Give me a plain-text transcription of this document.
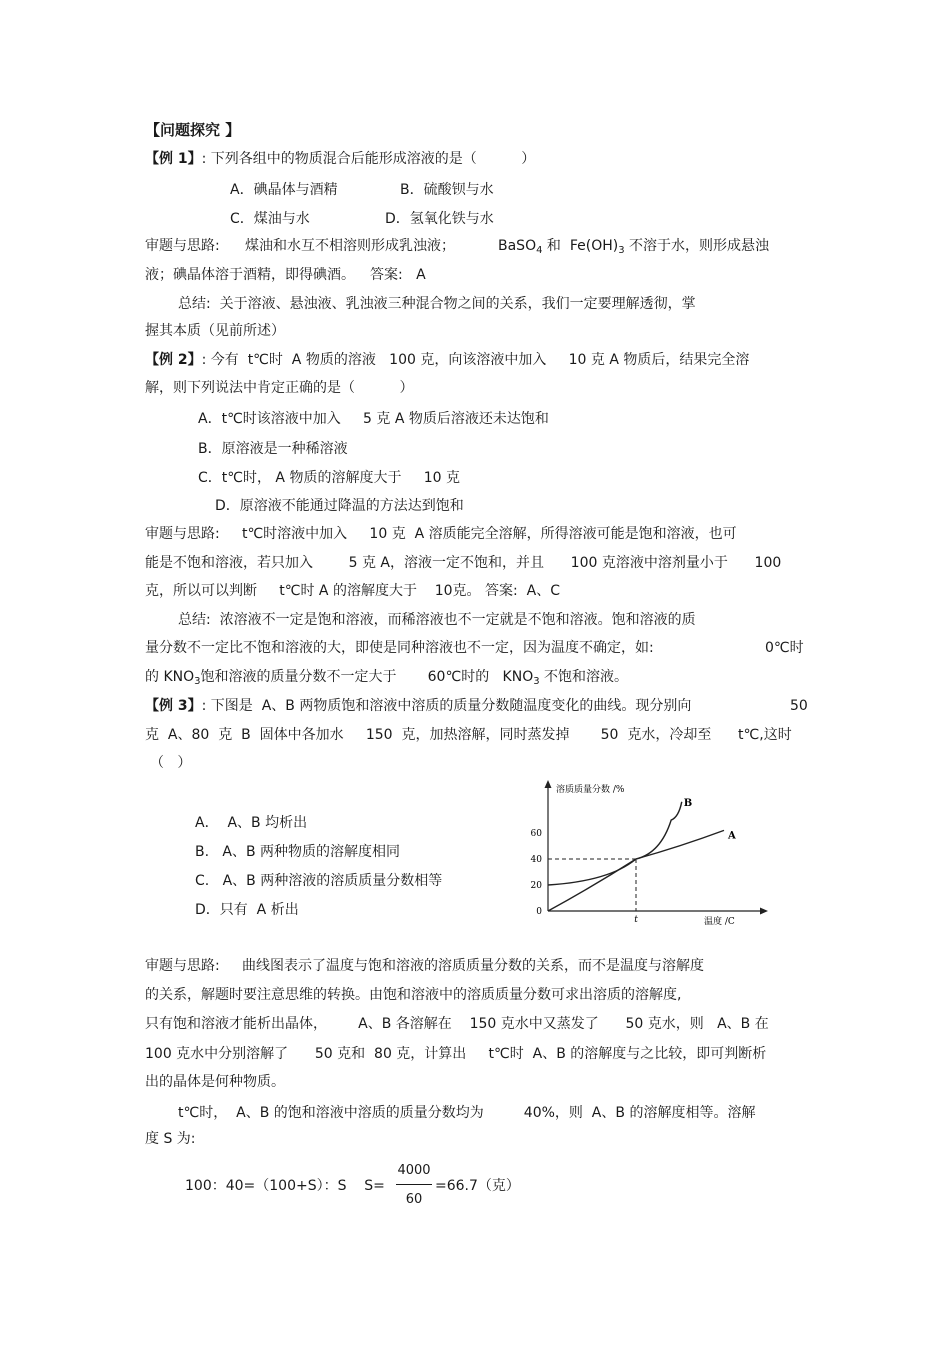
【问题探究 】
【例 1】: 下列各组中的物质混合后能形成溶液的是（          ）
A．碘晶体与酒精	B．硫酸钡与水
C．煤油与水	D．氢氧化铁与水
审题与思路: 煤油和水互不相溶则形成乳浊液；	BaSO$_4$ 和 $Fe(OH)_3$ 不溶于水，则形成悬浊
液；碘晶体溶于酒精，即得碘酒。 答案:   A
总结:  关于溶液、悬浊液、乳浊液三种混合物之间的关系，我们一定要理解透彻，掌
握其本质（见前所述）
【例 2】: 今有  t℃时  A 物质的溶液   100 克，向该溶液中加入     10 克 A 物质后，结果完全溶
解，则下列说法中肯定正确的是（          ）
A．t℃时该溶液中加入     5 克 A 物质后溶液还未达饱和
B．原溶液是一种稀溶液
C．t℃时， A 物质的溶解度大于     10 克
D．原溶液不能通过降温的方法达到饱和
审题与思路:     t℃时溶液中加入     10 克  A 溶质能完全溶解，所得溶液可能是饱和溶液，也可
能是不饱和溶液，若只加入        5 克 A，溶液一定不饱和，并且      100 克溶液中溶剂量小于      100
克，所以可以判断     t℃时 A 的溶解度大于    10克。 答案:  A、C
总结:  浓溶液不一定是饱和溶液，而稀溶液也不一定就是不饱和溶液。饱和溶液的质
量分数不一定比不饱和溶液的大，即使是同种溶液也不一定，因为温度不确定，如:	0℃时
的 $KNO_3$饱和溶液的质量分数不一定大于       60℃时的   $KNO_3$ 不饱和溶液。
【例 3】: 下图是  A、B 两物质饱和溶液中溶质的质量分数随温度变化的曲线。现分别向	50
克  A、80  克  B  固体中各加水     150  克，加热溶解，同时蒸发掉       50  克水，冷却至      t℃,这时
（   ）
A．  A、B 均析出
B.   A、B 两种物质的溶解度相同
C.   A、B 两种溶液的溶质质量分数相等
D．只有  A 析出
溶质质量分数 /%
温度 /C
0
20
40
60
t
A
B
审题与思路:     曲线图表示了温度与饱和溶液的溶质质量分数的关系，而不是温度与溶解度
的关系，解题时要注意思维的转换。由饱和溶液中的溶质质量分数可求出溶质的溶解度,
只有饱和溶液才能析出晶体，       A、B 各溶解在    150 克水中又蒸发了      50 克水，则   A、B 在
100 克水中分别溶解了      50 克和  80 克，计算出     t℃时  A、B 的溶解度与之比较，即可判断析
出的晶体是何种物质。
t℃时，  A、B 的饱和溶液中溶质的质量分数均为         40%，则  A、B 的溶解度相等。溶解
度 S 为:
100：40=（100+S）：S    S=
4000
60
=66.7（克）
